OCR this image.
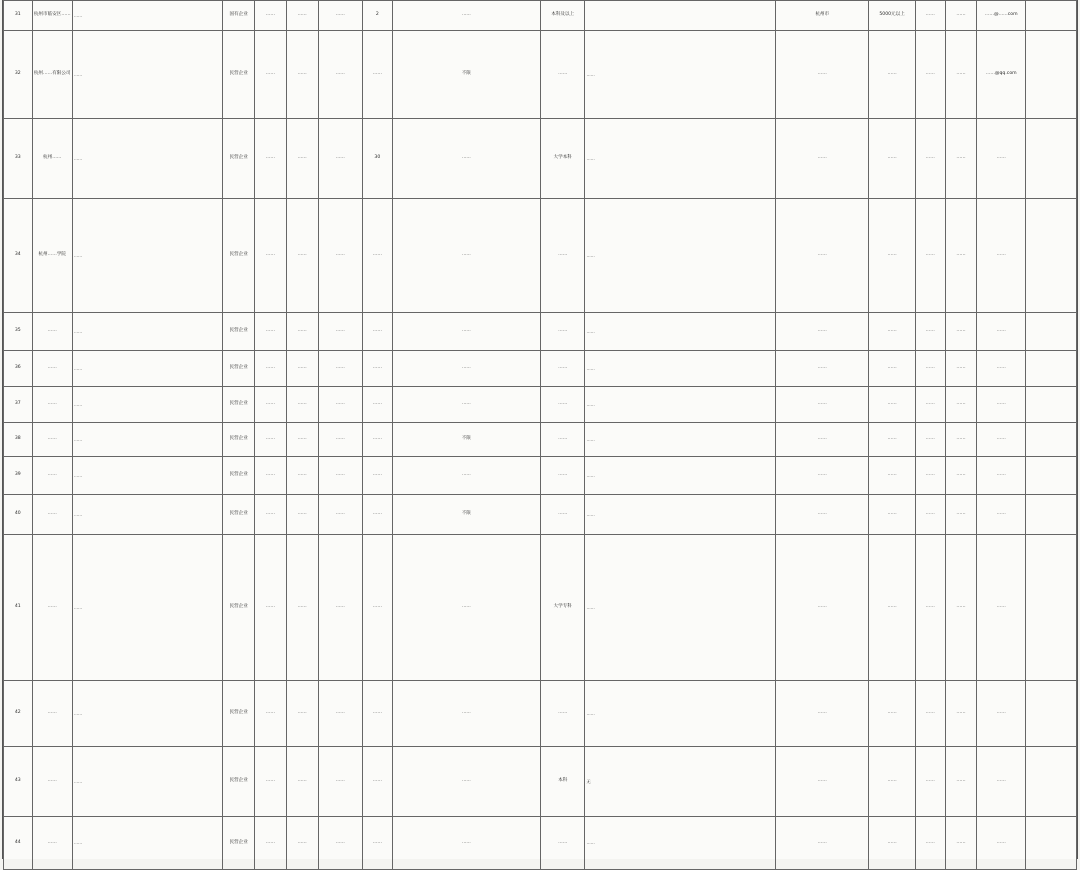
31	杭州市临安区……	……	国有企业	……	……	……	2	……	本科及以上		杭州市	5000元以上	……	……	……@……com	
32	杭州……有限公司	……	民营企业	……	……	……	……	不限	……	……	……	……	……	……	……@qq.com	
33	杭州……	……	民营企业	……	……	……	30	……	大学本科	……	……	……	……	……	……	
34	杭州……学院	……	民营企业	……	……	……	……	……	……	……	……	……	……	……	……	
35	……	……	民营企业	……	……	……	……	……	……	……	……	……	……	……	……	
36	……	……	民营企业	……	……	……	……	……	……	……	……	……	……	……	……	
37	……	……	民营企业	……	……	……	……	……	……	……	……	……	……	……	……	
38	……	……	民营企业	……	……	……	……	不限	……	……	……	……	……	……	……	
39	……	……	民营企业	……	……	……	……	……	……	……	……	……	……	……	……	
40	……	……	民营企业	……	……	……	……	不限	……	……	……	……	……	……	……	
41	……	……	民营企业	……	……	……	……	……	大学专科	……	……	……	……	……	……	
42	……	……	民营企业	……	……	……	……	……	……	……	……	……	……	……	……	
43	……	……	民营企业	……	……	……	……	……	本科	无	……	……	……	……	……	
44	……	……	民营企业	……	……	……	……	……	……	……	……	……	……	……	……	
